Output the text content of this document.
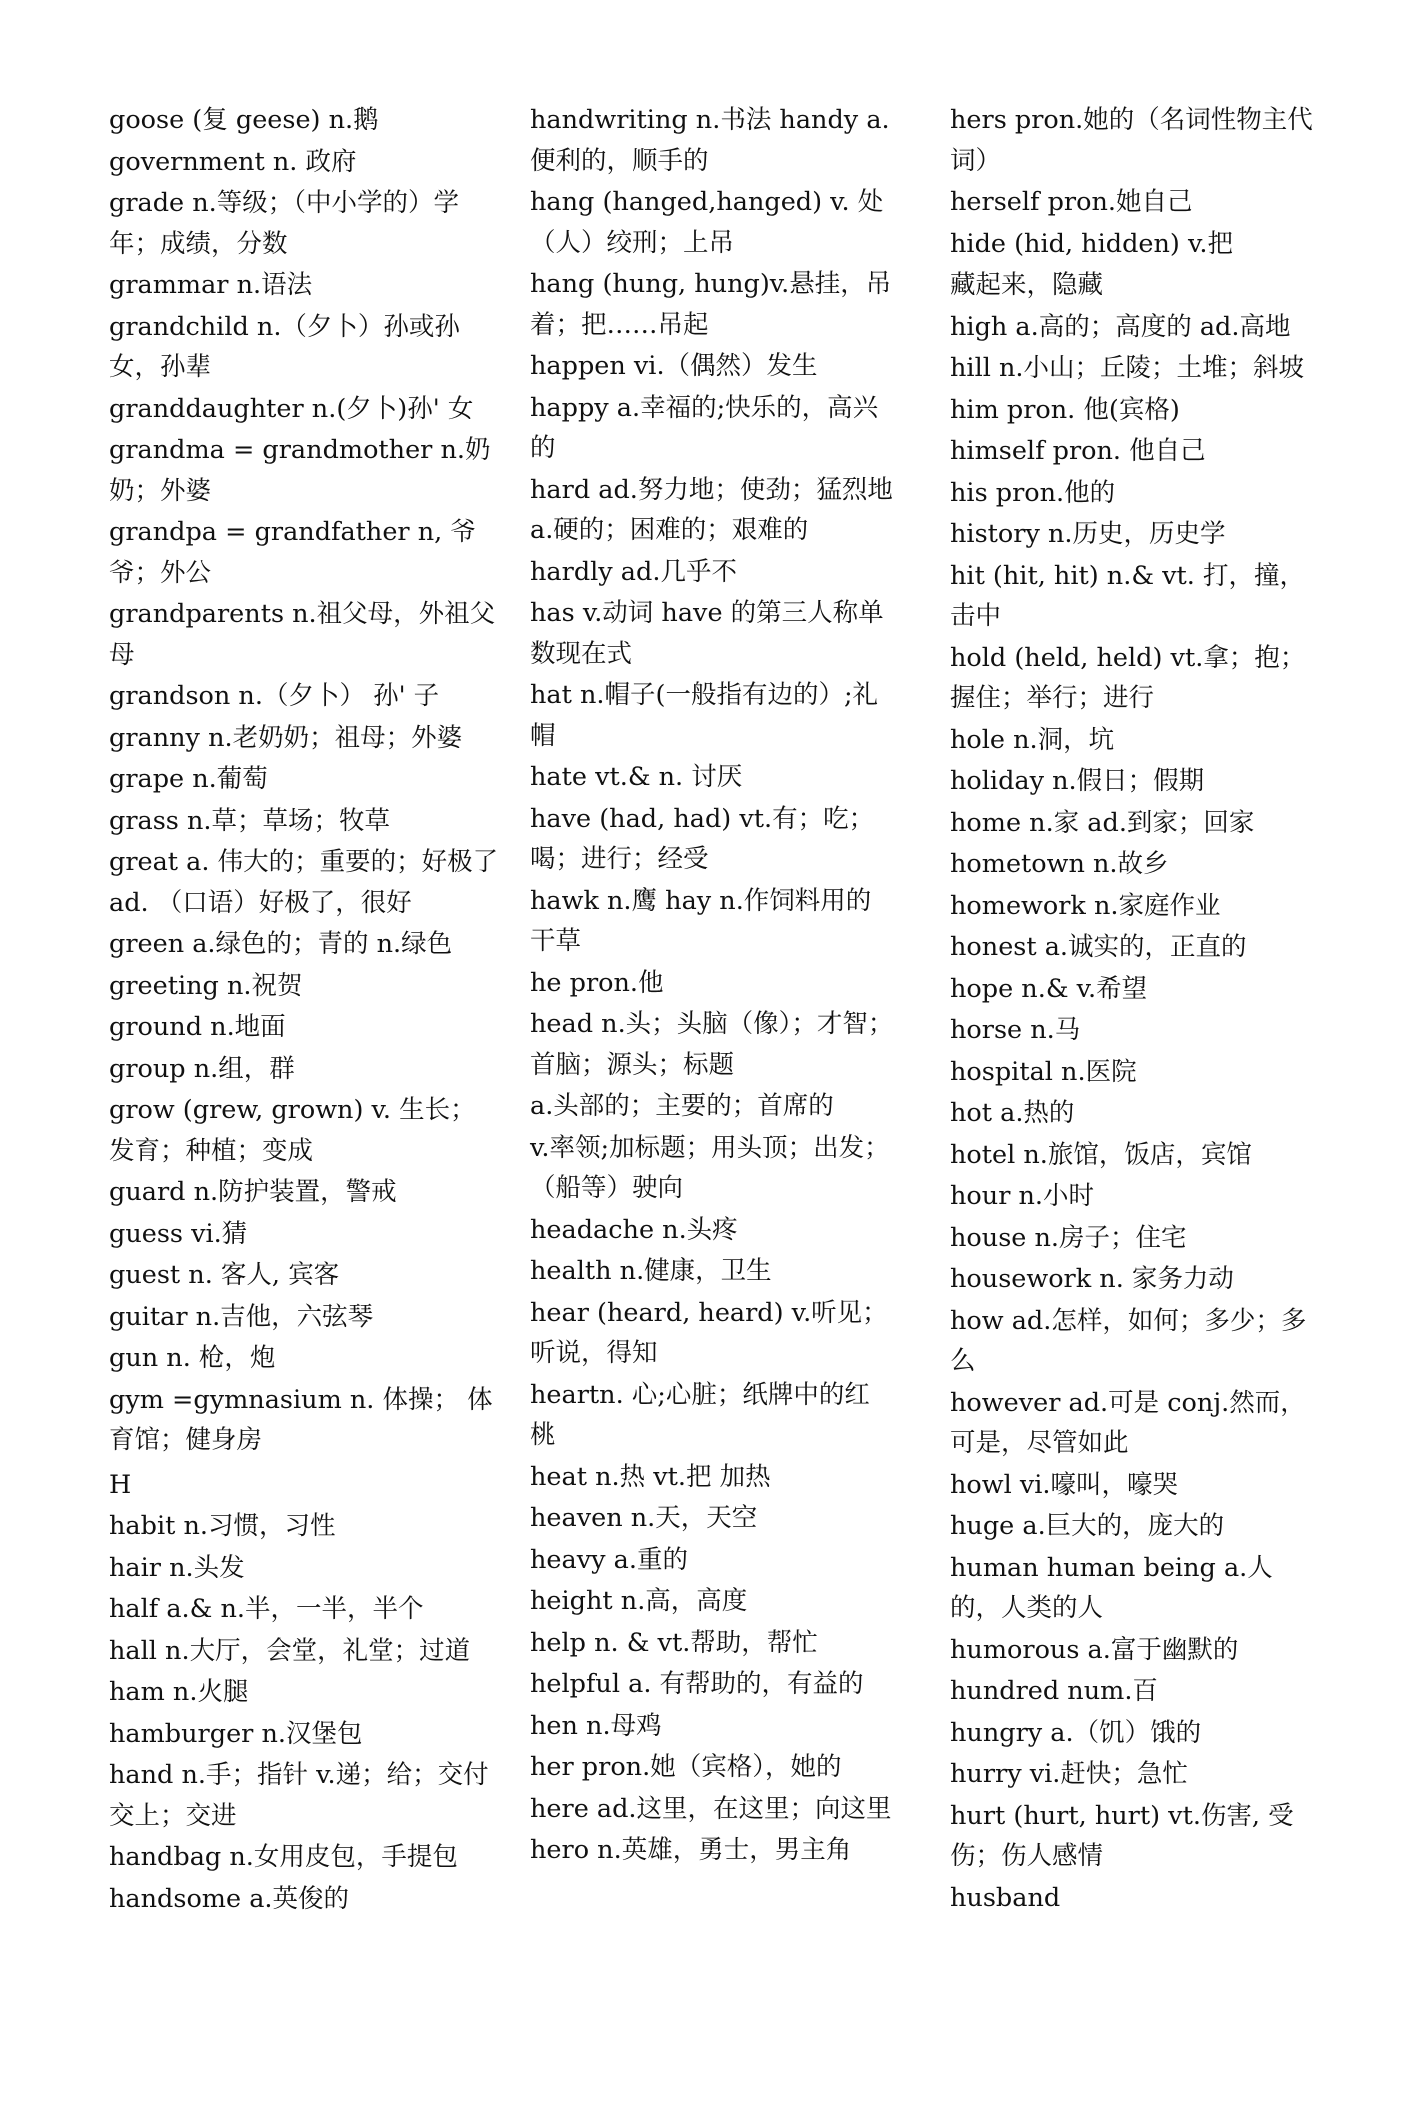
goose (复 geese) n.鹅
government n. 政府
grade n.等级；（中小学的）学年；成绩，分数
grammar n.语法
grandchild n.（夕卜）孙或孙女，孙辈
granddaughter n.(夕卜)孙' 女
grandma = grandmother n.奶奶；外婆
grandpa = grandfather n, 爷爷；外公
grandparents n.祖父母，外祖父母
grandson n.（夕卜） 孙' 子
granny n.老奶奶；祖母；外婆
grape n.葡萄
grass n.草；草场；牧草
great a. 伟大的；重要的；好极了 ad. （口语）好极了，很好
green a.绿色的；青的 n.绿色
greeting n.祝贺
ground n.地面
group n.组，群
grow (grew, grown) v. 生长； 发育；种植；变成
guard n.防护装置，警戒
guess vi.猜
guest n. 客人, 宾客
guitar n.吉他，六弦琴
gun n. 枪，炮
gym =gymnasium n. 体操； 体育馆；健身房
H
habit n.习惯，习性
hair n.头发
half a.& n.半，一半，半个
hall n.大厅，会堂，礼堂；过道
ham n.火腿
hamburger n.汉堡包
hand n.手；指针 v.递；给；交付交上；交进
handbag n.女用皮包，手提包
handsome a.英俊的
handwriting n.书法 handy a. 便利的，顺手的
hang (hanged,hanged) v. 处（人）绞刑；上吊
hang (hung, hung)v.悬挂，吊着；把……吊起
happen vi.（偶然）发生
happy a.幸福的;快乐的，高兴的
hard ad.努力地；使劲；猛烈地 a.硬的；困难的；艰难的
hardly ad.几乎不
has v.动词 have 的第三人称单数现在式
hat n.帽子(一般指有边的）;礼帽
hate vt.& n. 讨厌
have (had, had) vt.有；吃；喝；进行；经受
hawk n.鹰 hay n.作饲料用的干草
he pron.他
head n.头；头脑（像）；才智；首脑；源头；标题
a.头部的；主要的；首席的
v.率领;加标题；用头顶；出发；（船等）驶向
headache n.头疼
health n.健康，卫生
hear (heard, heard) v.听见；听说，得知
heartn. 心;心脏；纸牌中的红桃
heat n.热 vt.把 加热
heaven n.天，天空
heavy a.重的
height n.高，高度
help n. & vt.帮助，帮忙
helpful a. 有帮助的，有益的
hen n.母鸡
her pron.她（宾格），她的
here ad.这里，在这里；向这里
hero n.英雄，勇士，男主角
hers pron.她的（名词性物主代词）
herself pron.她自己
hide (hid, hidden) v.把
藏起来，隐藏
high a.高的；高度的 ad.高地
hill n.小山；丘陵；土堆；斜坡
him pron. 他(宾格)
himself pron. 他自己
his pron.他的
history n.历史，历史学
hit (hit, hit) n.& vt. 打，撞，击中
hold (held, held) vt.拿；抱；握住；举行；进行
hole n.洞，坑
holiday n.假日；假期
home n.家 ad.到家；回家
hometown n.故乡
homework n.家庭作业
honest a.诚实的，正直的
hope n.& v.希望
horse n.马
hospital n.医院
hot a.热的
hotel n.旅馆，饭店，宾馆
hour n.小时
house n.房子；住宅
housework n. 家务力动
how ad.怎样，如何；多少；多么
however ad.可是 conj.然而，可是，尽管如此
howl vi.嚎叫，嚎哭
huge a.巨大的，庞大的
human human being a.人的，人类的人
humorous a.富于幽默的
hundred num.百
hungry a.（饥）饿的
hurry vi.赶快；急忙
hurt (hurt, hurt) vt.伤害, 受伤；伤人感情
husband
